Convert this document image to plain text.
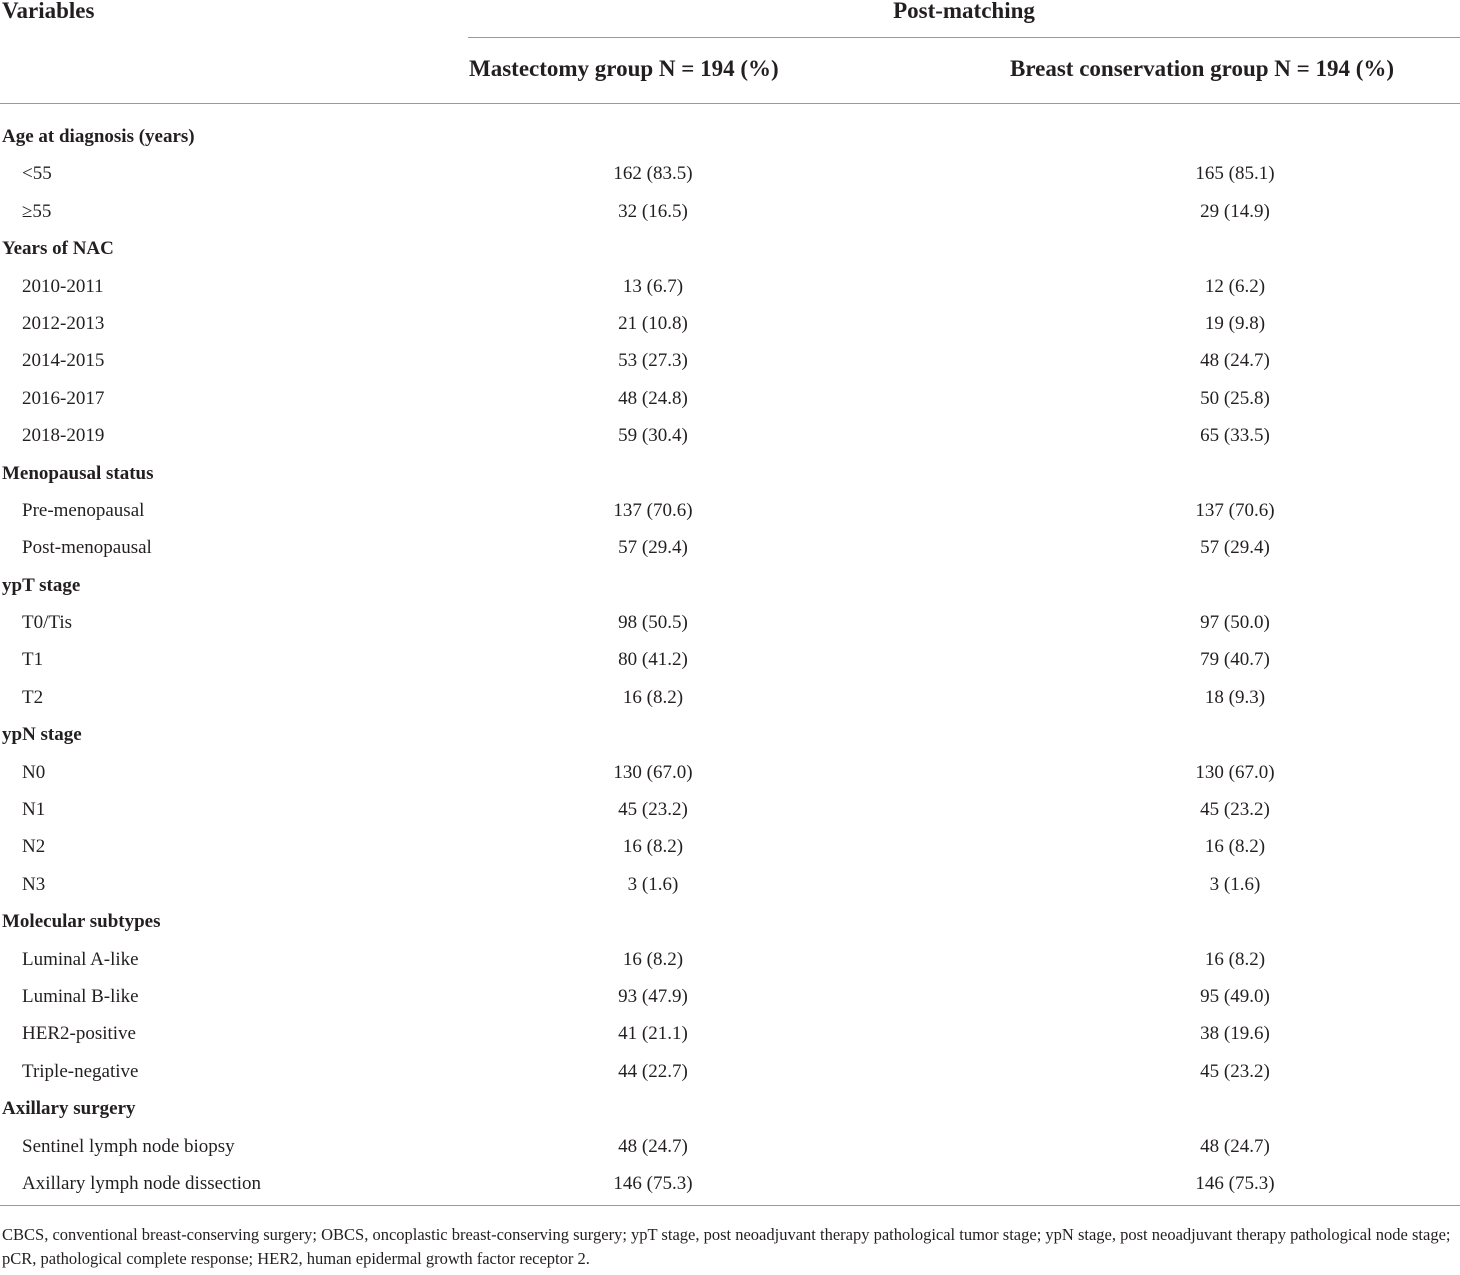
Variables	Post-matching
Mastectomy group N = 194 (%)	Breast conservation group N = 194 (%)
Age at diagnosis (years)
<55	162 (83.5)	165 (85.1)
≥55	32 (16.5)	29 (14.9)
Years of NAC
2010-2011	13 (6.7)	12 (6.2)
2012-2013	21 (10.8)	19 (9.8)
2014-2015	53 (27.3)	48 (24.7)
2016-2017	48 (24.8)	50 (25.8)
2018-2019	59 (30.4)	65 (33.5)
Menopausal status
Pre-menopausal	137 (70.6)	137 (70.6)
Post-menopausal	57 (29.4)	57 (29.4)
ypT stage
T0/Tis	98 (50.5)	97 (50.0)
T1	80 (41.2)	79 (40.7)
T2	16 (8.2)	18 (9.3)
ypN stage
N0	130 (67.0)	130 (67.0)
N1	45 (23.2)	45 (23.2)
N2	16 (8.2)	16 (8.2)
N3	3 (1.6)	3 (1.6)
Molecular subtypes
Luminal A-like	16 (8.2)	16 (8.2)
Luminal B-like	93 (47.9)	95 (49.0)
HER2-positive	41 (21.1)	38 (19.6)
Triple-negative	44 (22.7)	45 (23.2)
Axillary surgery
Sentinel lymph node biopsy	48 (24.7)	48 (24.7)
Axillary lymph node dissection	146 (75.3)	146 (75.3)
CBCS, conventional breast-conserving surgery; OBCS, oncoplastic breast-conserving surgery; ypT stage, post neoadjuvant therapy pathological tumor stage; ypN stage, post neoadjuvant therapy pathological node stage; pCR, pathological complete response; HER2, human epidermal growth factor receptor 2.
